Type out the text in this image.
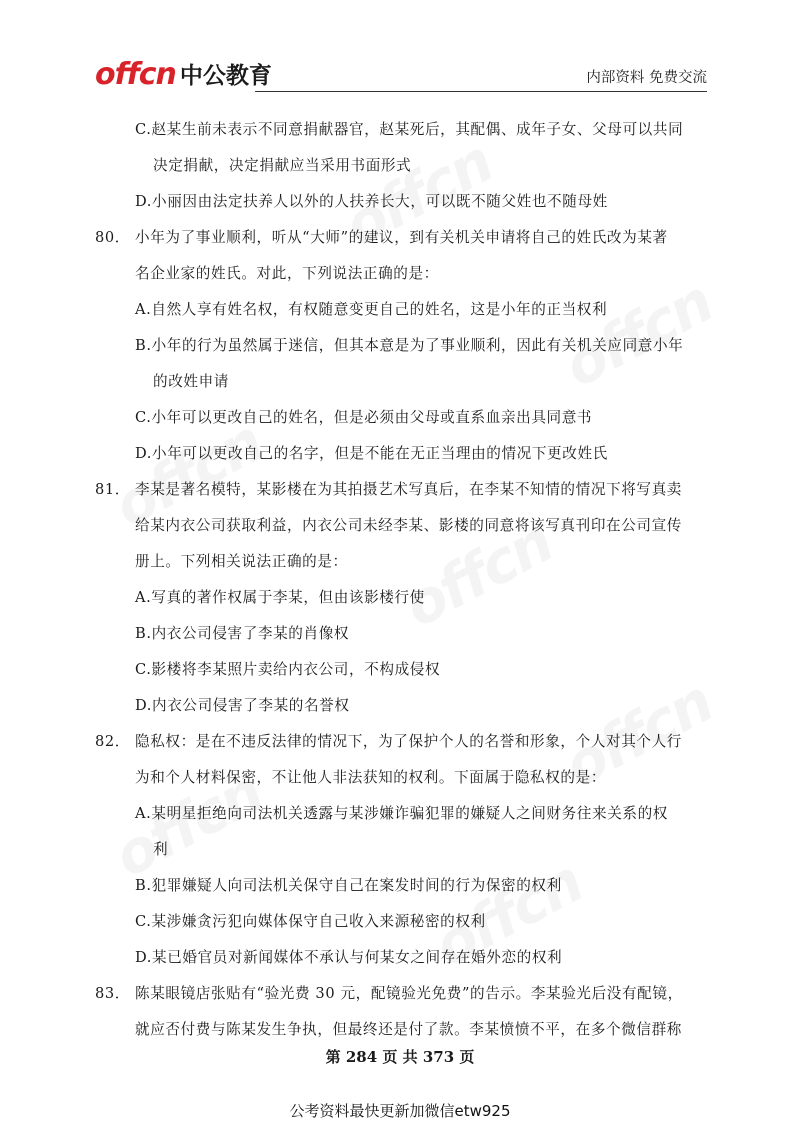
offcn 中公教育	内部资料 免费交流
C.赵某生前未表示不同意捐献器官，赵某死后，其配偶、成年子女、父母可以共同
决定捐献，决定捐献应当采用书面形式
D.小丽因由法定扶养人以外的人扶养长大，可以既不随父姓也不随母姓
80． 小年为了事业顺利，听从“大师”的建议，到有关机关申请将自己的姓氏改为某著
名企业家的姓氏。对此，下列说法正确的是：
A.自然人享有姓名权，有权随意变更自己的姓名，这是小年的正当权利
B.小年的行为虽然属于迷信，但其本意是为了事业顺利，因此有关机关应同意小年
的改姓申请
C.小年可以更改自己的姓名，但是必须由父母或直系血亲出具同意书
D.小年可以更改自己的名字，但是不能在无正当理由的情况下更改姓氏
81． 李某是著名模特，某影楼在为其拍摄艺术写真后，在李某不知情的情况下将写真卖
给某内衣公司获取利益，内衣公司未经李某、影楼的同意将该写真刊印在公司宣传
册上。下列相关说法正确的是：
A.写真的著作权属于李某，但由该影楼行使
B.内衣公司侵害了李某的肖像权
C.影楼将李某照片卖给内衣公司，不构成侵权
D.内衣公司侵害了李某的名誉权
82． 隐私权：是在不违反法律的情况下，为了保护个人的名誉和形象，个人对其个人行
为和个人材料保密，不让他人非法获知的权利。下面属于隐私权的是：
A.某明星拒绝向司法机关透露与某涉嫌诈骗犯罪的嫌疑人之间财务往来关系的权
利
B.犯罪嫌疑人向司法机关保守自己在案发时间的行为保密的权利
C.某涉嫌贪污犯向媒体保守自己收入来源秘密的权利
D.某已婚官员对新闻媒体不承认与何某女之间存在婚外恋的权利
83． 陈某眼镜店张贴有“验光费 30 元，配镜验光免费”的告示。李某验光后没有配镜，
就应否付费与陈某发生争执，但最终还是付了款。李某愤愤不平，在多个微信群称
第 284 页 共 373 页
公考资料最快更新加微信etw925
